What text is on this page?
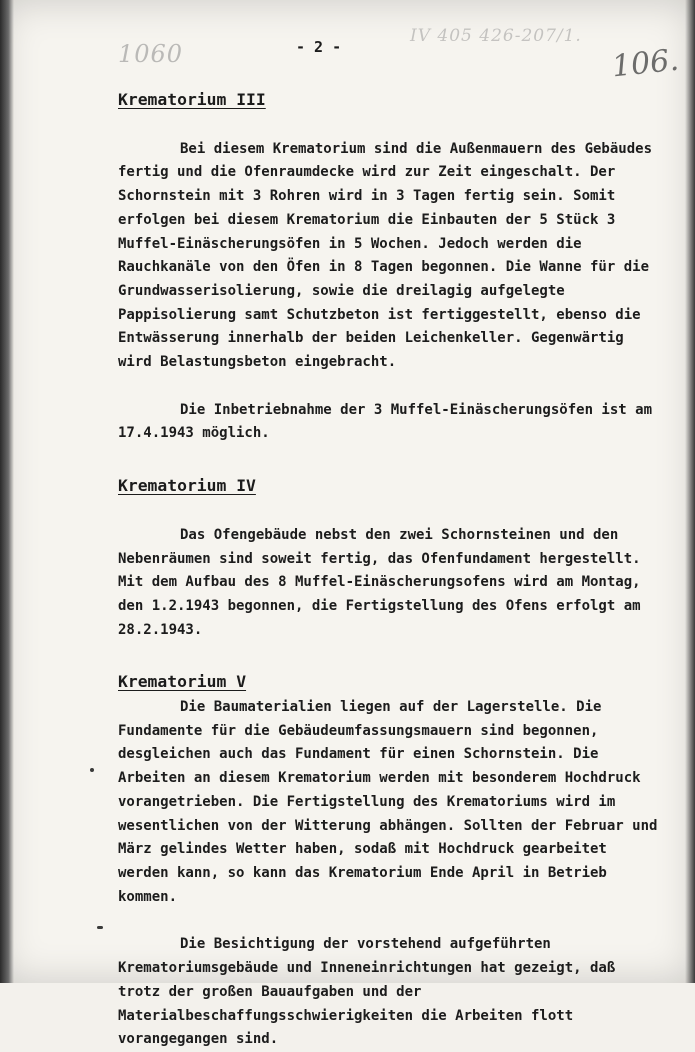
1060
IV 405 426-207/1.
106.
- 2 -
Krematorium III

Bei diesem Krematorium sind die Außenmauern des Gebäudes fertig und die Ofenraumdecke wird zur Zeit eingeschalt. Der Schornstein mit 3 Rohren wird in 3 Tagen fertig sein. Somit erfolgen bei diesem Krematorium die Einbauten der 5 Stück 3 Muffel-Einäscherungsöfen in 5 Wochen. Jedoch werden die Rauchkanäle von den Öfen in 8 Tagen begonnen. Die Wanne für die Grundwasserisolierung, sowie die dreilagig aufgelegte Pappisolierung samt Schutzbeton ist fertiggestellt, ebenso die Entwässerung innerhalb der beiden Leichenkeller. Gegenwärtig wird Belastungsbeton eingebracht.

Die Inbetriebnahme der 3 Muffel-Einäscherungsöfen ist am 17.4.1943 möglich.

Krematorium IV

Das Ofengebäude nebst den zwei Schornsteinen und den Nebenräumen sind soweit fertig, das Ofenfundament hergestellt. Mit dem Aufbau des 8 Muffel-Einäscherungsofens wird am Montag, den 1.2.1943 begonnen, die Fertigstellung des Ofens erfolgt am 28.2.1943.

Krematorium V

Die Baumaterialien liegen auf der Lagerstelle. Die Fundamente für die Gebäudeumfassungsmauern sind begonnen, desgleichen auch das Fundament für einen Schornstein. Die Arbeiten an diesem Krematorium werden mit besonderem Hochdruck vorangetrieben. Die Fertigstellung des Krematoriums wird im wesentlichen von der Witterung abhängen. Sollten der Februar und März gelindes Wetter haben, sodaß mit Hochdruck gearbeitet werden kann, so kann das Krematorium Ende April in Betrieb kommen.

Die Besichtigung der vorstehend aufgeführten Krematoriumsgebäude und Inneneinrichtungen hat gezeigt, daß trotz der großen Bauaufgaben und der Materialbeschaffungsschwierigkeiten die Arbeiten flott vorangegangen sind.
